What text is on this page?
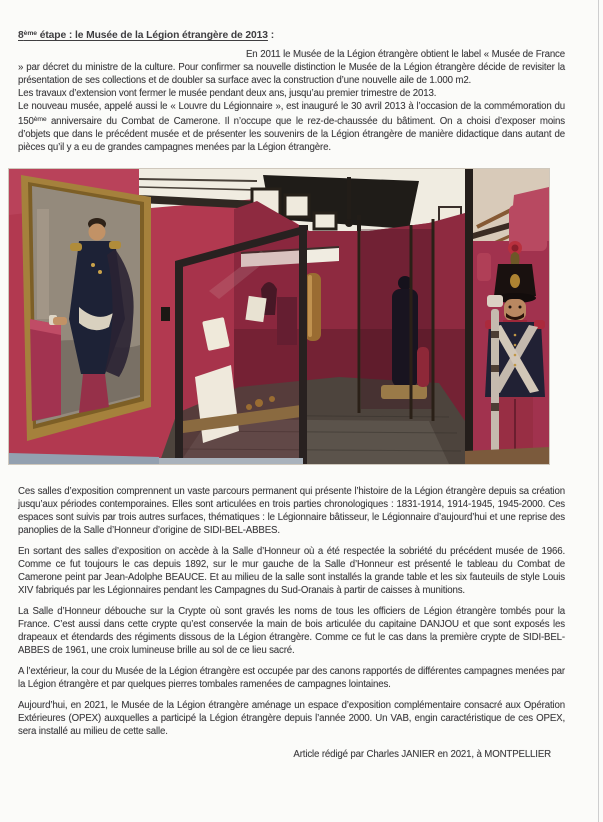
8ème étape : le Musée de la Légion étrangère de 2013 :

En 2011 le Musée de la Légion étrangère obtient le label « Musée de France » par décret du ministre de la culture. Pour confirmer sa nouvelle distinction le Musée de la Légion étrangère décide de revisiter la présentation de ses collections et de doubler sa surface avec la construction d’une nouvelle aile de 1.000 m2.

Les travaux d’extension vont fermer le musée pendant deux ans, jusqu’au premier trimestre de 2013.

Le nouveau musée, appelé aussi le « Louvre du Légionnaire », est inauguré le 30 avril 2013 à l’occasion de la commémoration du 150ème anniversaire du Combat de Camerone. Il n’occupe que le rez-de-chaussée du bâtiment. On a choisi d’exposer moins d’objets que dans le précédent musée et de présenter les souvenirs de la Légion étrangère de manière didactique dans autant de pièces qu’il y a eu de grandes campagnes menées par la Légion étrangère.

Ces salles d’exposition comprennent un vaste parcours permanent qui présente l’histoire de la Légion étrangère depuis sa création jusqu’aux périodes contemporaines. Elles sont articulées en trois parties chronologiques : 1831-1914, 1914-1945, 1945-2000. Ces espaces sont suivis par trois autres surfaces, thématiques : le Légionnaire bâtisseur, le Légionnaire d’aujourd’hui et une reprise des panoplies de la Salle d’Honneur d’origine de SIDI-BEL-ABBES.

En sortant des salles d’exposition on accède à la Salle d’Honneur où a été respectée la sobriété du précédent musée de 1966. Comme ce fut toujours le cas depuis 1892, sur le mur gauche de la Salle d’Honneur est présenté le tableau du Combat de Camerone peint par Jean-Adolphe BEAUCE. Et au milieu de la salle sont installés la grande table et les six fauteuils de style Louis XIV fabriqués par les Légionnaires pendant les Campagnes du Sud-Oranais à partir de caisses à munitions.

La Salle d’Honneur débouche sur la Crypte où sont gravés les noms de tous les officiers de Légion étrangère tombés pour la France. C’est aussi dans cette crypte qu’est conservée la main de bois articulée du capitaine DANJOU et que sont exposés les drapeaux et étendards des régiments dissous de la Légion étrangère. Comme ce fut le cas dans la première crypte de SIDI-BEL-ABBES de 1961, une croix lumineuse brille au sol de ce lieu sacré.

A l’extérieur, la cour du Musée de la Légion étrangère est occupée par des canons rapportés de différentes campagnes menées par la Légion étrangère et par quelques pierres tombales ramenées de campagnes lointaines.

Aujourd’hui, en 2021, le Musée de la Légion étrangère aménage un espace d’exposition complémentaire consacré aux Opération Extérieures (OPEX) auxquelles a participé la Légion étrangère depuis l’année 2000. Un VAB, engin caractéristique de ces OPEX, sera installé au milieu de cette salle.

Article rédigé par Charles JANIER en 2021, à MONTPELLIER
